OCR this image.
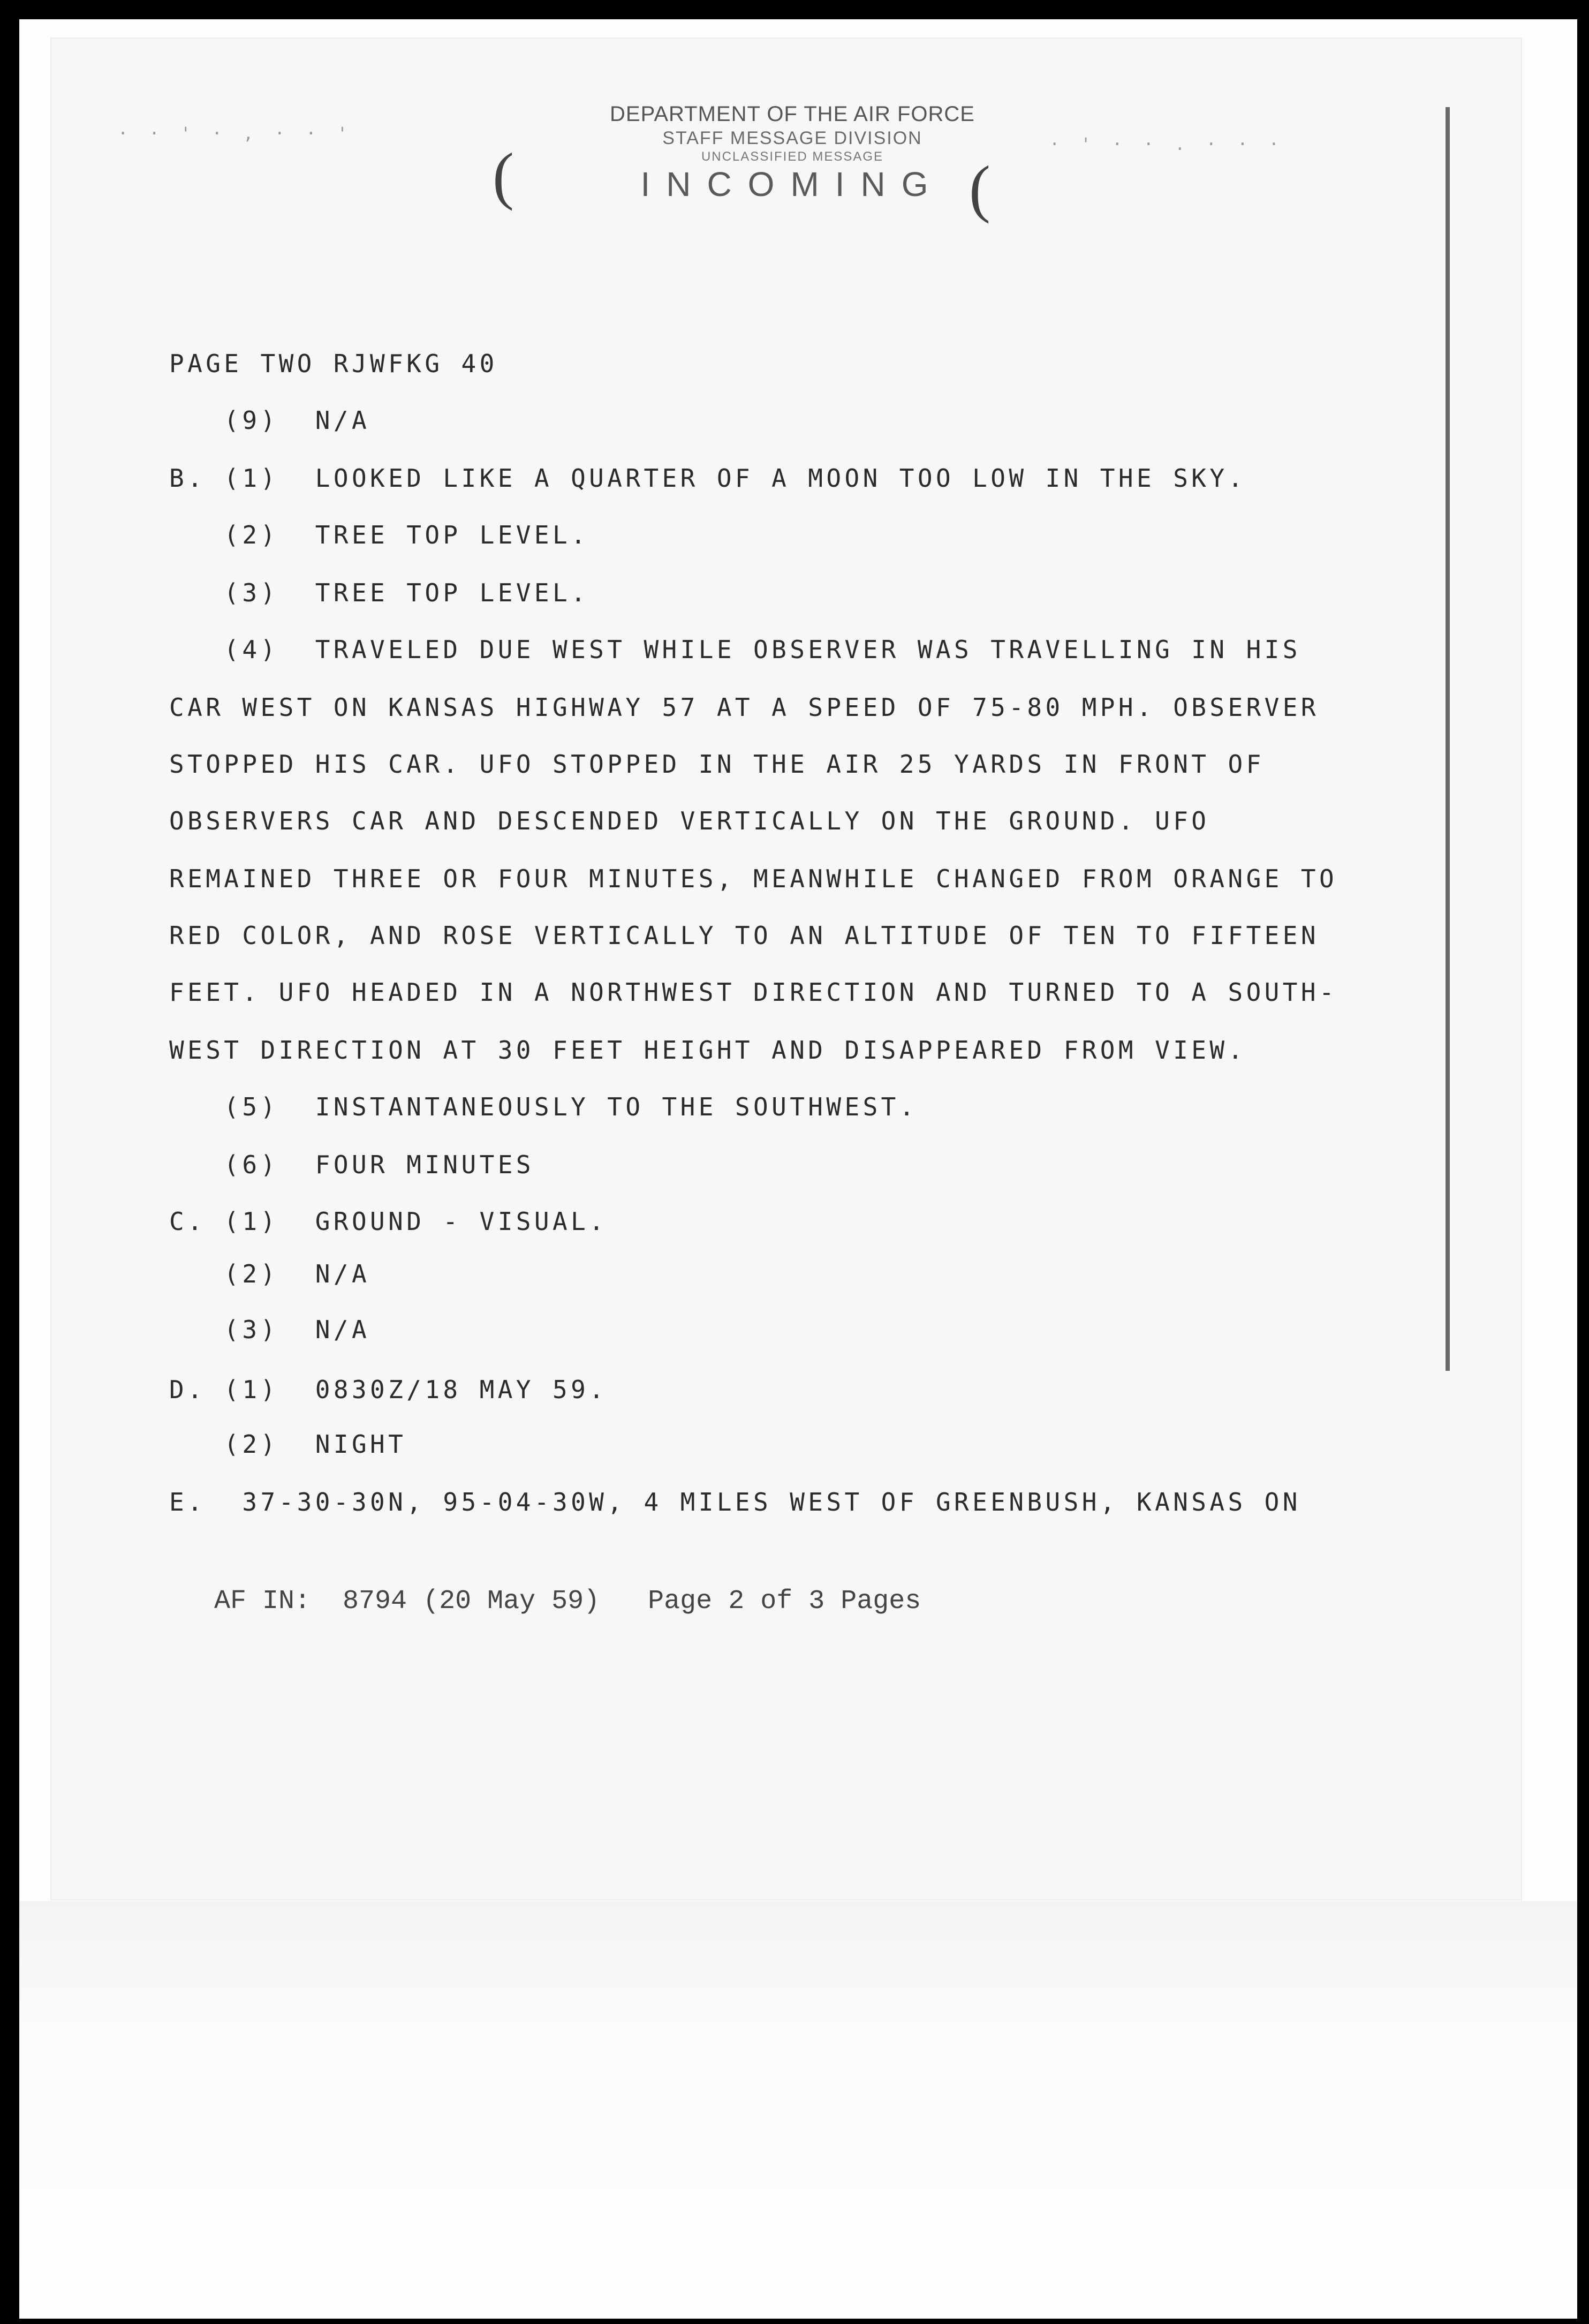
· · ' · , · · '
· ' · · . · · ·
DEPARTMENT OF THE AIR FORCE
STAFF MESSAGE DIVISION
UNCLASSIFIED MESSAGE
INCOMING
(	(
PAGE TWO RJWFKG 40
(9)  N/A
B. (1)  LOOKED LIKE A QUARTER OF A MOON TOO LOW IN THE SKY.
(2)  TREE TOP LEVEL.
(3)  TREE TOP LEVEL.
(4)  TRAVELED DUE WEST WHILE OBSERVER WAS TRAVELLING IN HIS
CAR WEST ON KANSAS HIGHWAY 57 AT A SPEED OF 75-80 MPH. OBSERVER
STOPPED HIS CAR. UFO STOPPED IN THE AIR 25 YARDS IN FRONT OF
OBSERVERS CAR AND DESCENDED VERTICALLY ON THE GROUND. UFO
REMAINED THREE OR FOUR MINUTES, MEANWHILE CHANGED FROM ORANGE TO
RED COLOR, AND ROSE VERTICALLY TO AN ALTITUDE OF TEN TO FIFTEEN
FEET. UFO HEADED IN A NORTHWEST DIRECTION AND TURNED TO A SOUTH-
WEST DIRECTION AT 30 FEET HEIGHT AND DISAPPEARED FROM VIEW.
(5)  INSTANTANEOUSLY TO THE SOUTHWEST.
(6)  FOUR MINUTES
C. (1)  GROUND - VISUAL.
(2)  N/A
(3)  N/A
D. (1)  0830Z/18 MAY 59.
(2)  NIGHT
E.  37-30-30N, 95-04-30W, 4 MILES WEST OF GREENBUSH, KANSAS ON
AF IN: 8794 (20 May 59) Page 2 of 3 Pages
